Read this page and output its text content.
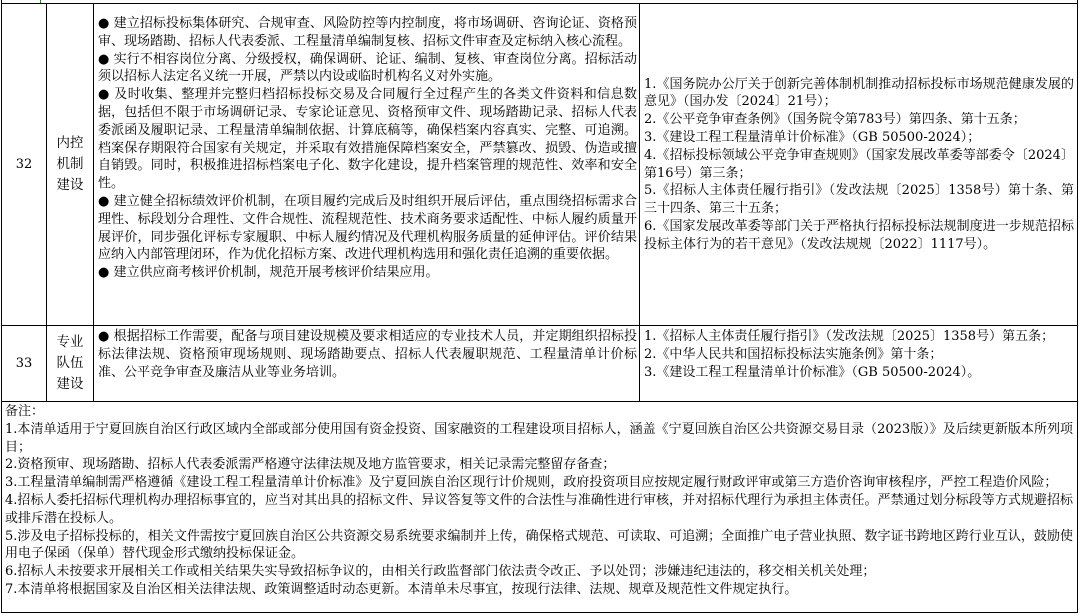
32
内控机制建设
● 建立招标投标集体研究、合规审查、风险防控等内控制度，将市场调研、咨询论证、资格预审、现场踏勘、招标人代表委派、工程量清单编制复核、招标文件审查及定标纳入核心流程。
● 实行不相容岗位分离、分级授权，确保调研、论证、编制、复核、审查岗位分离。招标活动须以招标人法定名义统一开展，严禁以内设或临时机构名义对外实施。
● 及时收集、整理并完整归档招标投标交易及合同履行全过程产生的各类文件资料和信息数据，包括但不限于市场调研记录、专家论证意见、资格预审文件、现场踏勘记录、招标人代表委派函及履职记录、工程量清单编制依据、计算底稿等，确保档案内容真实、完整、可追溯。档案保存期限符合国家有关规定，并采取有效措施保障档案安全，严禁篡改、损毁、伪造或擅自销毁。同时，积极推进招标档案电子化、数字化建设，提升档案管理的规范性、效率和安全性。
● 建立健全招标绩效评价机制，在项目履约完成后及时组织开展后评估，重点围绕招标需求合理性、标段划分合理性、文件合规性、流程规范性、技术商务要求适配性、中标人履约质量开展评价，同步强化评标专家履职、中标人履约情况及代理机构服务质量的延伸评估。评价结果应纳入内部管理闭环，作为优化招标方案、改进代理机构选用和强化责任追溯的重要依据。
● 建立供应商考核评价机制，规范开展考核评价结果应用。
1.《国务院办公厅关于创新完善体制机制推动招标投标市场规范健康发展的意见》（国办发〔2024〕21号）；
2.《公平竞争审查条例》（国务院令第783号）第四条、第十五条；
3.《建设工程工程量清单计价标准》（GB 50500-2024）；
4.《招标投标领域公平竞争审查规则》（国家发展改革委等部委令〔2024〕第16号）第三条；
5.《招标人主体责任履行指引》（发改法规〔2025〕1358号）第十条、第三十四条、第三十五条；
6.《国家发展改革委等部门关于严格执行招标投标法规制度进一步规范招标投标主体行为的若干意见》（发改法规规〔2022〕1117号）。
33
专业队伍建设
● 根据招标工作需要，配备与项目建设规模及要求相适应的专业技术人员，并定期组织招标投标法律法规、资格预审现场规则、现场踏勘要点、招标人代表履职规范、工程量清单计价标准、公平竞争审查及廉洁从业等业务培训。
1.《招标人主体责任履行指引》（发改法规〔2025〕1358号）第五条；
2.《中华人民共和国招标投标法实施条例》第十条；
3.《建设工程工程量清单计价标准》（GB 50500-2024）。
备注：
1.本清单适用于宁夏回族自治区行政区域内全部或部分使用国有资金投资、国家融资的工程建设项目招标人，涵盖《宁夏回族自治区公共资源交易目录（2023版）》及后续更新版本所列项目；
2.资格预审、现场踏勘、招标人代表委派需严格遵守法律法规及地方监管要求，相关记录需完整留存备查；
3.工程量清单编制需严格遵循《建设工程工程量清单计价标准》及宁夏回族自治区现行计价规则，政府投资项目应按规定履行财政评审或第三方造价咨询审核程序，严控工程造价风险；
4.招标人委托招标代理机构办理招标事宜的，应当对其出具的招标文件、异议答复等文件的合法性与准确性进行审核，并对招标代理行为承担主体责任。严禁通过划分标段等方式规避招标或排斥潜在投标人。
5.涉及电子招标投标的，相关文件需按宁夏回族自治区公共资源交易系统要求编制并上传，确保格式规范、可读取、可追溯；全面推广电子营业执照、数字证书跨地区跨行业互认，鼓励使用电子保函（保单）替代现金形式缴纳投标保证金。
6.招标人未按要求开展相关工作或相关结果失实导致招标争议的，由相关行政监督部门依法责令改正、予以处罚；涉嫌违纪违法的，移交相关机关处理；
7.本清单将根据国家及自治区相关法律法规、政策调整适时动态更新。本清单未尽事宜，按现行法律、法规、规章及规范性文件规定执行。
